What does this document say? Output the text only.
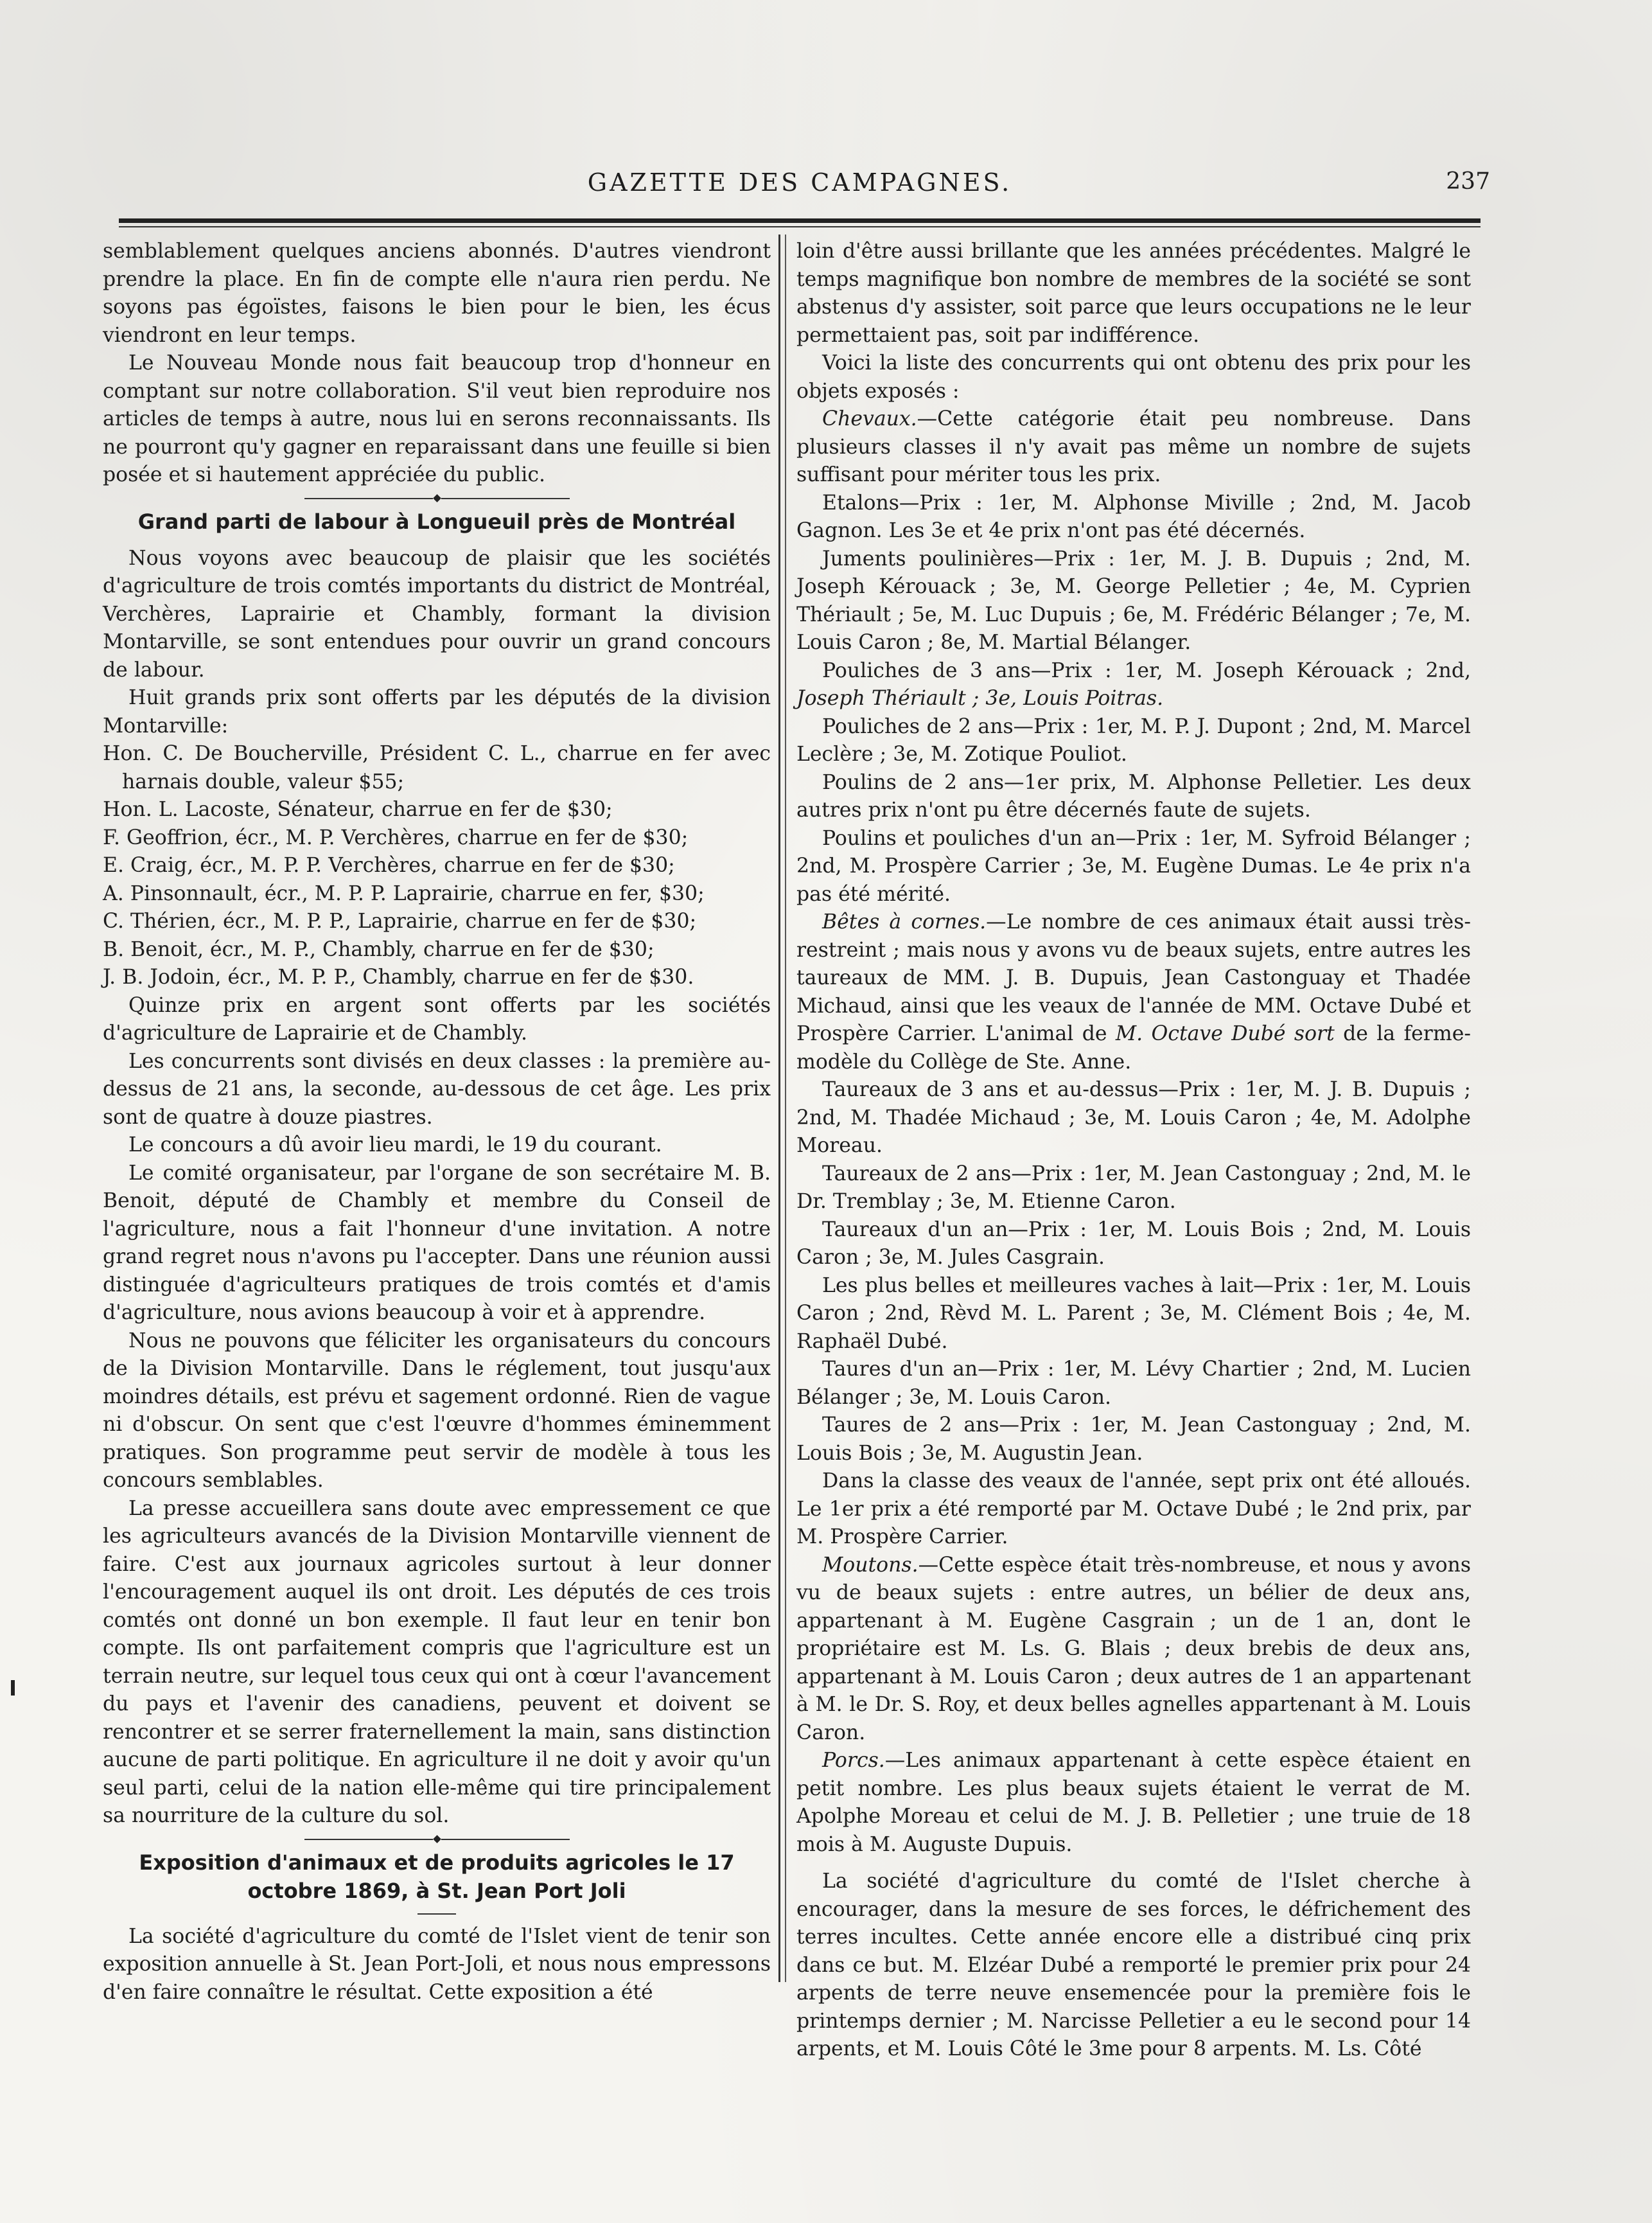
GAZETTE DES CAMPAGNES.	237

semblablement quelques anciens abonnés. D'autres viendront prendre la place. En fin de compte elle n'aura rien perdu. Ne soyons pas égoïstes, faisons le bien pour le bien, les écus viendront en leur temps.

Le Nouveau Monde nous fait beaucoup trop d'honneur en comptant sur notre collaboration. S'il veut bien reproduire nos articles de temps à autre, nous lui en serons reconnaissants. Ils ne pourront qu'y gagner en reparaissant dans une feuille si bien posée et si hautement appréciée du public.

Grand parti de labour à Longueuil près de Montréal

Nous voyons avec beaucoup de plaisir que les sociétés d'agriculture de trois comtés importants du district de Montréal, Verchères, Laprairie et Chambly, formant la division Montarville, se sont entendues pour ouvrir un grand concours de labour.

Huit grands prix sont offerts par les députés de la division Montarville:

Hon. C. De Boucherville, Président C. L., charrue en fer avec harnais double, valeur $55;

Hon. L. Lacoste, Sénateur, charrue en fer de $30;

F. Geoffrion, écr., M. P. Verchères, charrue en fer de $30;

E. Craig, écr., M. P. P. Verchères, charrue en fer de $30;

A. Pinsonnault, écr., M. P. P. Laprairie, charrue en fer, $30;

C. Thérien, écr., M. P. P., Laprairie, charrue en fer de $30;

B. Benoit, écr., M. P., Chambly, charrue en fer de $30;

J. B. Jodoin, écr., M. P. P., Chambly, charrue en fer de $30.

Quinze prix en argent sont offerts par les sociétés d'agriculture de Laprairie et de Chambly.

Les concurrents sont divisés en deux classes : la première au-dessus de 21 ans, la seconde, au-dessous de cet âge. Les prix sont de quatre à douze piastres.

Le concours a dû avoir lieu mardi, le 19 du courant.

Le comité organisateur, par l'organe de son secrétaire M. B. Benoit, député de Chambly et membre du Conseil de l'agriculture, nous a fait l'honneur d'une invitation. A notre grand regret nous n'avons pu l'accepter. Dans une réunion aussi distinguée d'agriculteurs pratiques de trois comtés et d'amis d'agriculture, nous avions beaucoup à voir et à apprendre.

Nous ne pouvons que féliciter les organisateurs du concours de la Division Montarville. Dans le réglement, tout jusqu'aux moindres détails, est prévu et sagement ordonné. Rien de vague ni d'obscur. On sent que c'est l'œuvre d'hommes éminemment pratiques. Son programme peut servir de modèle à tous les concours semblables.

La presse accueillera sans doute avec empressement ce que les agriculteurs avancés de la Division Montarville viennent de faire. C'est aux journaux agricoles surtout à leur donner l'encouragement auquel ils ont droit. Les députés de ces trois comtés ont donné un bon exemple. Il faut leur en tenir bon compte. Ils ont parfaitement compris que l'agriculture est un terrain neutre, sur lequel tous ceux qui ont à cœur l'avancement du pays et l'avenir des canadiens, peuvent et doivent se rencontrer et se serrer fraternellement la main, sans distinction aucune de parti politique. En agriculture il ne doit y avoir qu'un seul parti, celui de la nation elle-même qui tire principalement sa nourriture de la culture du sol.

Exposition d'animaux et de produits agricoles le 17 octobre 1869, à St. Jean Port Joli

La société d'agriculture du comté de l'Islet vient de tenir son exposition annuelle à St. Jean Port-Joli, et nous nous empressons d'en faire connaître le résultat. Cette exposition a été

loin d'être aussi brillante que les années précédentes. Malgré le temps magnifique bon nombre de membres de la société se sont abstenus d'y assister, soit parce que leurs occupations ne le leur permettaient pas, soit par indifférence.

Voici la liste des concurrents qui ont obtenu des prix pour les objets exposés :

Chevaux.—Cette catégorie était peu nombreuse. Dans plusieurs classes il n'y avait pas même un nombre de sujets suffisant pour mériter tous les prix.

Etalons—Prix : 1er, M. Alphonse Miville ; 2nd, M. Jacob Gagnon. Les 3e et 4e prix n'ont pas été décernés.

Juments poulinières—Prix : 1er, M. J. B. Dupuis ; 2nd, M. Joseph Kérouack ; 3e, M. George Pelletier ; 4e, M. Cyprien Thériault ; 5e, M. Luc Dupuis ; 6e, M. Frédéric Bélanger ; 7e, M. Louis Caron ; 8e, M. Martial Bélanger.

Pouliches de 3 ans—Prix : 1er, M. Joseph Kérouack ; 2nd, Joseph Thériault ; 3e, Louis Poitras.

Pouliches de 2 ans—Prix : 1er, M. P. J. Dupont ; 2nd, M. Marcel Leclère ; 3e, M. Zotique Pouliot.

Poulins de 2 ans—1er prix, M. Alphonse Pelletier. Les deux autres prix n'ont pu être décernés faute de sujets.

Poulins et pouliches d'un an—Prix : 1er, M. Syfroid Bélanger ; 2nd, M. Prospère Carrier ; 3e, M. Eugène Dumas. Le 4e prix n'a pas été mérité.

Bêtes à cornes.—Le nombre de ces animaux était aussi très-restreint ; mais nous y avons vu de beaux sujets, entre autres les taureaux de MM. J. B. Dupuis, Jean Castonguay et Thadée Michaud, ainsi que les veaux de l'année de MM. Octave Dubé et Prospère Carrier. L'animal de M. Octave Dubé sort de la ferme-modèle du Collège de Ste. Anne.

Taureaux de 3 ans et au-dessus—Prix : 1er, M. J. B. Dupuis ; 2nd, M. Thadée Michaud ; 3e, M. Louis Caron ; 4e, M. Adolphe Moreau.

Taureaux de 2 ans—Prix : 1er, M. Jean Castonguay ; 2nd, M. le Dr. Tremblay ; 3e, M. Etienne Caron.

Taureaux d'un an—Prix : 1er, M. Louis Bois ; 2nd, M. Louis Caron ; 3e, M. Jules Casgrain.

Les plus belles et meilleures vaches à lait—Prix : 1er, M. Louis Caron ; 2nd, Rèvd M. L. Parent ; 3e, M. Clément Bois ; 4e, M. Raphaël Dubé.

Taures d'un an—Prix : 1er, M. Lévy Chartier ; 2nd, M. Lucien Bélanger ; 3e, M. Louis Caron.

Taures de 2 ans—Prix : 1er, M. Jean Castonguay ; 2nd, M. Louis Bois ; 3e, M. Augustin Jean.

Dans la classe des veaux de l'année, sept prix ont été alloués. Le 1er prix a été remporté par M. Octave Dubé ; le 2nd prix, par M. Prospère Carrier.

Moutons.—Cette espèce était très-nombreuse, et nous y avons vu de beaux sujets : entre autres, un bélier de deux ans, appartenant à M. Eugène Casgrain ; un de 1 an, dont le propriétaire est M. Ls. G. Blais ; deux brebis de deux ans, appartenant à M. Louis Caron ; deux autres de 1 an appartenant à M. le Dr. S. Roy, et deux belles agnelles appartenant à M. Louis Caron.

Porcs.—Les animaux appartenant à cette espèce étaient en petit nombre. Les plus beaux sujets étaient le verrat de M. Apolphe Moreau et celui de M. J. B. Pelletier ; une truie de 18 mois à M. Auguste Dupuis.

La société d'agriculture du comté de l'Islet cherche à encourager, dans la mesure de ses forces, le défrichement des terres incultes. Cette année encore elle a distribué cinq prix dans ce but. M. Elzéar Dubé a remporté le premier prix pour 24 arpents de terre neuve ensemencée pour la première fois le printemps dernier ; M. Narcisse Pelletier a eu le second pour 14 arpents, et M. Louis Côté le 3me pour 8 arpents. M. Ls. Côté
